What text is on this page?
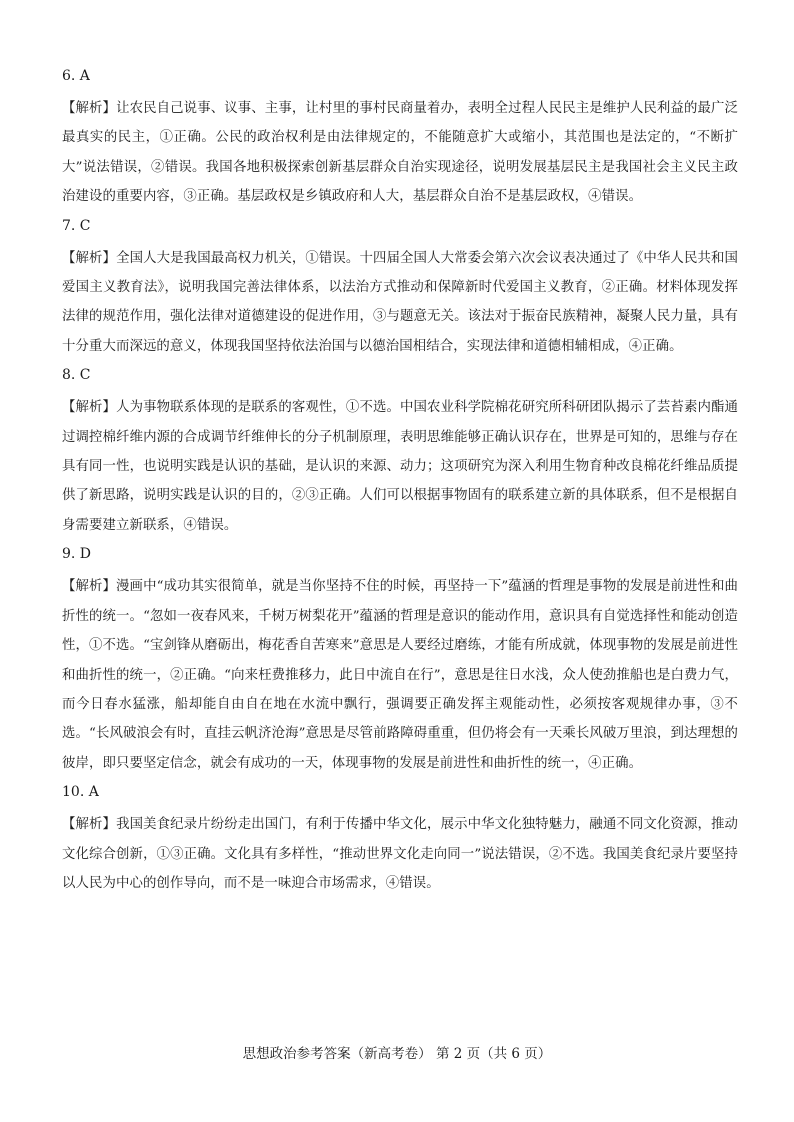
6. A
【解析】让农民自己说事、议事、主事，让村里的事村民商量着办，表明全过程人民民主是维护人民利益的最广泛最真实的民主，①正确。公民的政治权利是由法律规定的，不能随意扩大或缩小，其范围也是法定的，“不断扩大”说法错误，②错误。我国各地积极探索创新基层群众自治实现途径，说明发展基层民主是我国社会主义民主政治建设的重要内容，③正确。基层政权是乡镇政府和人大，基层群众自治不是基层政权，④错误。
7. C
【解析】全国人大是我国最高权力机关，①错误。十四届全国人大常委会第六次会议表决通过了《中华人民共和国爱国主义教育法》，说明我国完善法律体系，以法治方式推动和保障新时代爱国主义教育，②正确。材料体现发挥法律的规范作用，强化法律对道德建设的促进作用，③与题意无关。该法对于振奋民族精神，凝聚人民力量，具有十分重大而深远的意义，体现我国坚持依法治国与以德治国相结合，实现法律和道德相辅相成，④正确。
8. C
【解析】人为事物联系体现的是联系的客观性，①不选。中国农业科学院棉花研究所科研团队揭示了芸苔素内酯通过调控棉纤维内源的合成调节纤维伸长的分子机制原理，表明思维能够正确认识存在，世界是可知的，思维与存在具有同一性，也说明实践是认识的基础，是认识的来源、动力；这项研究为深入利用生物育种改良棉花纤维品质提供了新思路，说明实践是认识的目的，②③正确。人们可以根据事物固有的联系建立新的具体联系，但不是根据自身需要建立新联系，④错误。
9. D
【解析】漫画中“成功其实很简单，就是当你坚持不住的时候，再坚持一下”蕴涵的哲理是事物的发展是前进性和曲折性的统一。“忽如一夜春风来，千树万树梨花开”蕴涵的哲理是意识的能动作用，意识具有自觉选择性和能动创造性，①不选。“宝剑锋从磨砺出，梅花香自苦寒来”意思是人要经过磨练，才能有所成就，体现事物的发展是前进性和曲折性的统一，②正确。“向来枉费推移力，此日中流自在行”，意思是往日水浅，众人使劲推船也是白费力气，而今日春水猛涨，船却能自由自在地在水流中飘行，强调要正确发挥主观能动性，必须按客观规律办事，③不选。“长风破浪会有时，直挂云帆济沧海”意思是尽管前路障碍重重，但仍将会有一天乘长风破万里浪，到达理想的彼岸，即只要坚定信念，就会有成功的一天，体现事物的发展是前进性和曲折性的统一，④正确。
10. A
【解析】我国美食纪录片纷纷走出国门，有利于传播中华文化，展示中华文化独特魅力，融通不同文化资源，推动文化综合创新，①③正确。文化具有多样性，“推动世界文化走向同一”说法错误，②不选。我国美食纪录片要坚持以人民为中心的创作导向，而不是一味迎合市场需求，④错误。
思想政治参考答案（新高考卷） 第 2 页（共 6 页）
